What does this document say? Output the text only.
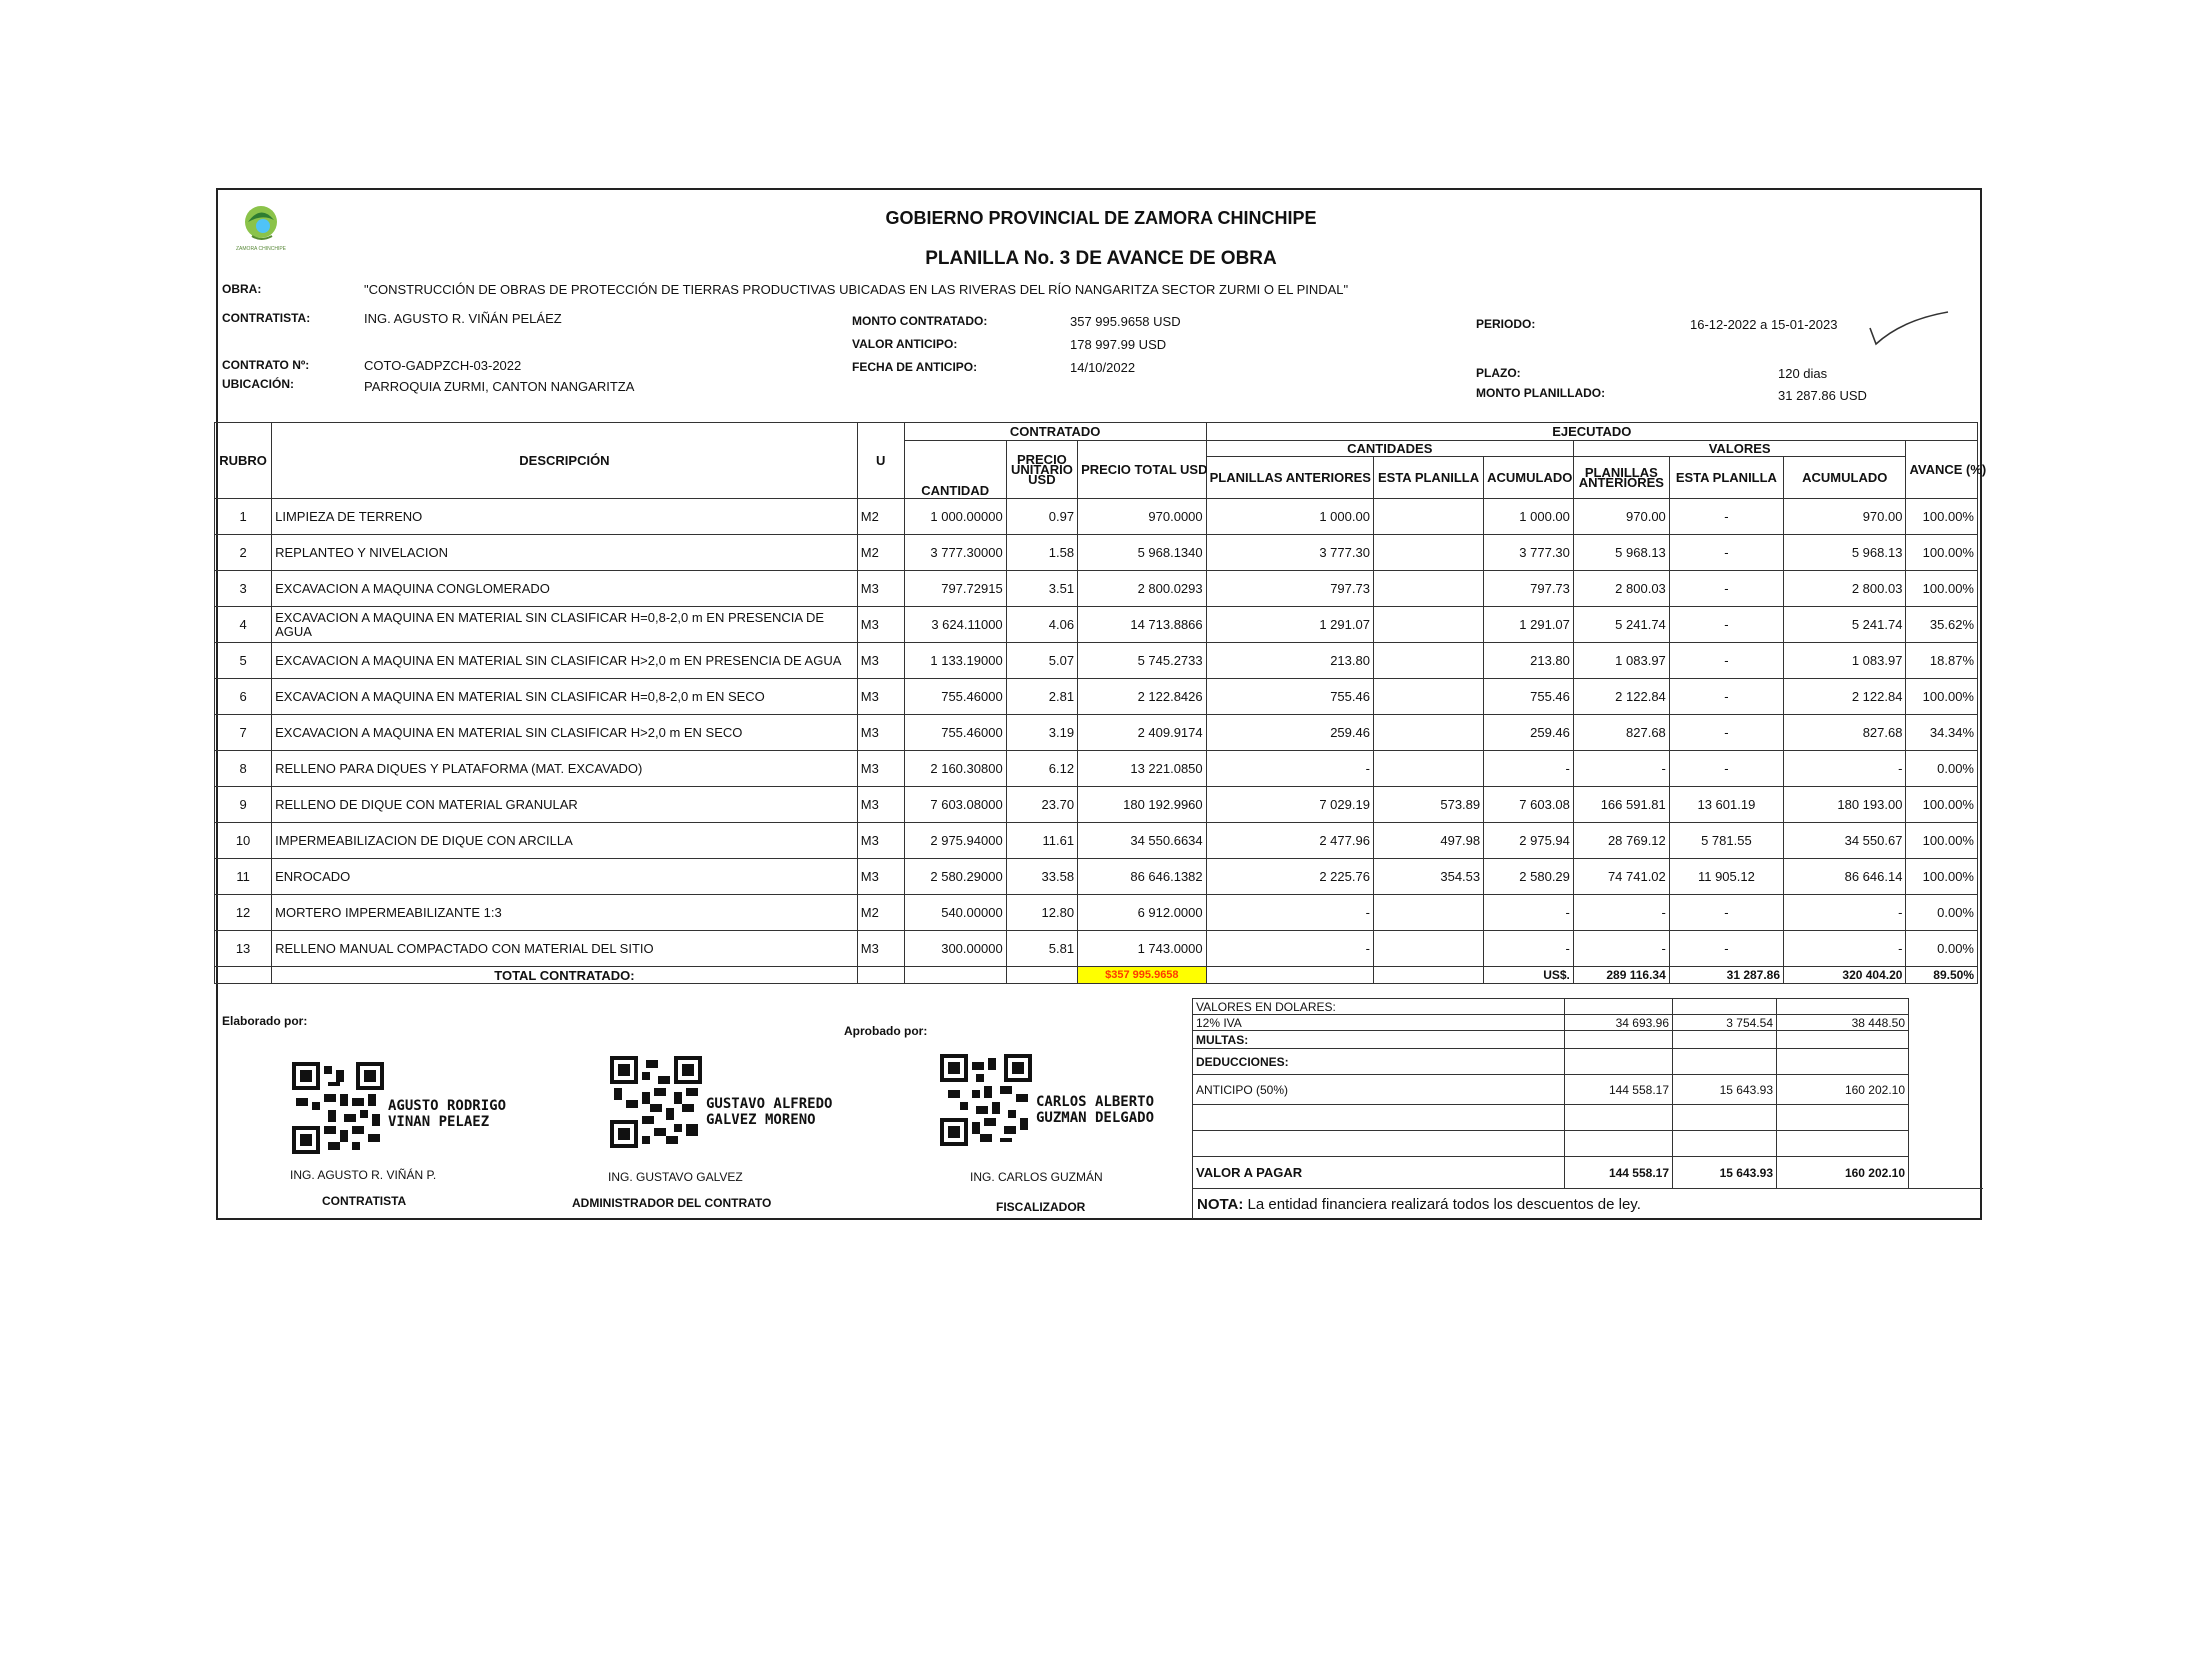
ZAMORA CHINCHIPE
GOBIERNO PROVINCIAL DE ZAMORA CHINCHIPE
PLANILLA No. 3 DE AVANCE DE OBRA
OBRA:	"CONSTRUCCIÓN DE OBRAS DE PROTECCIÓN DE TIERRAS PRODUCTIVAS UBICADAS EN LAS RIVERAS DEL RÍO NANGARITZA SECTOR ZURMI O EL PINDAL"
CONTRATISTA:	ING. AGUSTO R. VIÑÁN PELÁEZ
CONTRATO Nº:	COTO-GADPZCH-03-2022
UBICACIÓN:	PARROQUIA ZURMI, CANTON NANGARITZA
MONTO CONTRATADO:	357 995.9658 USD
VALOR ANTICIPO:	178 997.99 USD
FECHA DE ANTICIPO:	14/10/2022
PERIODO:	16-12-2022 a 15-01-2023
PLAZO:	120 dias
MONTO PLANILLADO:	31 287.86 USD
RUBRO	DESCRIPCIÓN	U	CONTRATADO			EJECUTADO						
			CANTIDAD	PRECIO UNITARIO USD	PRECIO TOTAL USD	CANTIDADES			VALORES			AVANCE (%)
						PLANILLAS ANTERIORES	ESTA PLANILLA	ACUMULADO	PLANILLAS ANTERIORES	ESTA PLANILLA	ACUMULADO	
1	LIMPIEZA DE TERRENO	M2	1 000.00000	0.97	970.0000	1 000.00		1 000.00	970.00	-	970.00	100.00%
2	REPLANTEO Y NIVELACION	M2	3 777.30000	1.58	5 968.1340	3 777.30		3 777.30	5 968.13	-	5 968.13	100.00%
3	EXCAVACION A MAQUINA CONGLOMERADO	M3	797.72915	3.51	2 800.0293	797.73		797.73	2 800.03	-	2 800.03	100.00%
4	EXCAVACION A MAQUINA EN MATERIAL SIN CLASIFICAR H=0,8-2,0 m EN PRESENCIA DE AGUA	M3	3 624.11000	4.06	14 713.8866	1 291.07		1 291.07	5 241.74	-	5 241.74	35.62%
5	EXCAVACION A MAQUINA EN MATERIAL SIN CLASIFICAR H>2,0 m EN PRESENCIA DE AGUA	M3	1 133.19000	5.07	5 745.2733	213.80		213.80	1 083.97	-	1 083.97	18.87%
6	EXCAVACION A MAQUINA EN MATERIAL SIN CLASIFICAR H=0,8-2,0 m EN SECO	M3	755.46000	2.81	2 122.8426	755.46		755.46	2 122.84	-	2 122.84	100.00%
7	EXCAVACION A MAQUINA EN MATERIAL SIN CLASIFICAR H>2,0 m EN SECO	M3	755.46000	3.19	2 409.9174	259.46		259.46	827.68	-	827.68	34.34%
8	RELLENO PARA DIQUES Y PLATAFORMA (MAT. EXCAVADO)	M3	2 160.30800	6.12	13 221.0850	-		-	-	-	-	0.00%
9	RELLENO DE DIQUE CON MATERIAL GRANULAR	M3	7 603.08000	23.70	180 192.9960	7 029.19	573.89	7 603.08	166 591.81	13 601.19	180 193.00	100.00%
10	IMPERMEABILIZACION DE DIQUE CON ARCILLA	M3	2 975.94000	11.61	34 550.6634	2 477.96	497.98	2 975.94	28 769.12	5 781.55	34 550.67	100.00%
11	ENROCADO	M3	2 580.29000	33.58	86 646.1382	2 225.76	354.53	2 580.29	74 741.02	11 905.12	86 646.14	100.00%
12	MORTERO IMPERMEABILIZANTE 1:3	M2	540.00000	12.80	6 912.0000	-		-	-	-	-	0.00%
13	RELLENO MANUAL COMPACTADO CON MATERIAL DEL SITIO	M3	300.00000	5.81	1 743.0000	-		-	-	-	-	0.00%
	TOTAL CONTRATADO:				$357 995.9658			US$.	289 116.34	31 287.86	320 404.20	89.50%
VALORES EN DOLARES:			
12% IVA	34 693.96	3 754.54	38 448.50
MULTAS:			
DEDUCCIONES:			
ANTICIPO (50%)	144 558.17	15 643.93	160 202.10

VALOR A PAGAR	144 558.17	15 643.93	160 202.10
NOTA: La entidad financiera realizará todos los descuentos de ley.
Elaborado por:
Aprobado por:
AGUSTO RODRIGO
VINAN PELAEZ
ING. AGUSTO R. VIÑÁN P.
CONTRATISTA
GUSTAVO ALFREDO
GALVEZ MORENO
ING. GUSTAVO GALVEZ
ADMINISTRADOR DEL CONTRATO
CARLOS ALBERTO
GUZMAN DELGADO
ING. CARLOS GUZMÁN
FISCALIZADOR
